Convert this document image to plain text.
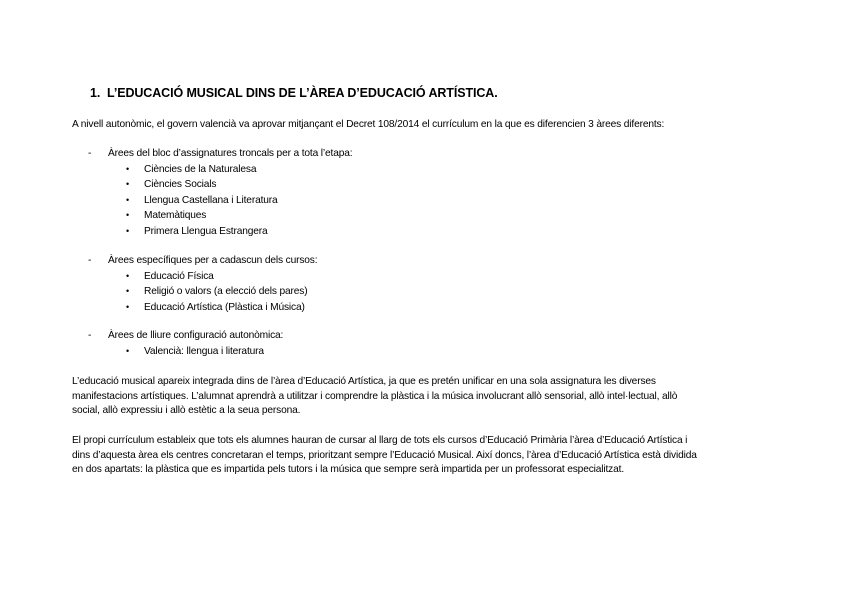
1. L’EDUCACIÓ MUSICAL DINS DE L’ÀREA D’EDUCACIÓ ARTÍSTICA.
A nivell autonòmic, el govern valencià va aprovar mitjançant el Decret 108/2014 el currículum en la que es diferencien 3 àrees diferents:
- Àrees del bloc d’assignatures troncals per a tota l’etapa:
• Ciències de la Naturalesa
• Ciències Socials
• Llengua Castellana i Literatura
• Matemàtiques
• Primera Llengua Estrangera
- Àrees específiques per a cadascun dels cursos:
• Educació Física
• Religió o valors (a elecció dels pares)
• Educació Artística (Plàstica i Música)
- Àrees de lliure configuració autonòmica:
• Valencià: llengua i literatura
L’educació musical apareix integrada dins de l’àrea d’Educació Artística, ja que es pretén unificar en una sola assignatura les diverses
manifestacions artístiques. L’alumnat aprendrà a utilitzar i comprendre la plàstica i la música involucrant allò sensorial, allò intel·lectual, allò
social, allò expressiu i allò estètic a la seua persona.
El propi currículum estableix que tots els alumnes hauran de cursar al llarg de tots els cursos d’Educació Primària l’àrea d’Educació Artística i
dins d’aquesta àrea els centres concretaran el temps, prioritzant sempre l’Educació Musical. Així doncs, l’àrea d’Educació Artística està dividida
en dos apartats: la plàstica que es impartida pels tutors i la música que sempre serà impartida per un professorat especialitzat.
